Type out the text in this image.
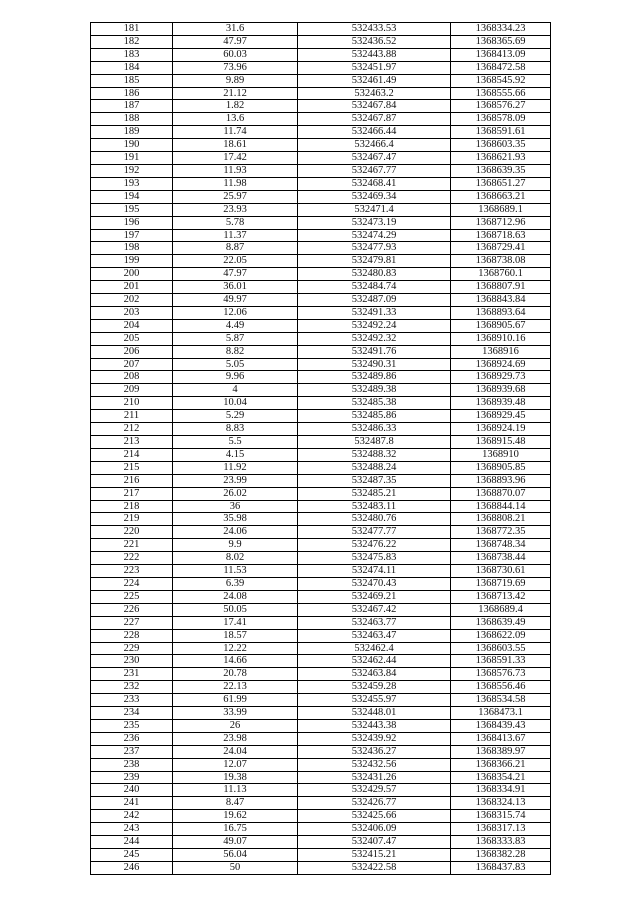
181	31.6	532433.53	1368334.23
182	47.97	532436.52	1368365.69
183	60.03	532443.88	1368413.09
184	73.96	532451.97	1368472.58
185	9.89	532461.49	1368545.92
186	21.12	532463.2	1368555.66
187	1.82	532467.84	1368576.27
188	13.6	532467.87	1368578.09
189	11.74	532466.44	1368591.61
190	18.61	532466.4	1368603.35
191	17.42	532467.47	1368621.93
192	11.93	532467.77	1368639.35
193	11.98	532468.41	1368651.27
194	25.97	532469.34	1368663.21
195	23.93	532471.4	1368689.1
196	5.78	532473.19	1368712.96
197	11.37	532474.29	1368718.63
198	8.87	532477.93	1368729.41
199	22.05	532479.81	1368738.08
200	47.97	532480.83	1368760.1
201	36.01	532484.74	1368807.91
202	49.97	532487.09	1368843.84
203	12.06	532491.33	1368893.64
204	4.49	532492.24	1368905.67
205	5.87	532492.32	1368910.16
206	8.82	532491.76	1368916
207	5.05	532490.31	1368924.69
208	9.96	532489.86	1368929.73
209	4	532489.38	1368939.68
210	10.04	532485.38	1368939.48
211	5.29	532485.86	1368929.45
212	8.83	532486.33	1368924.19
213	5.5	532487.8	1368915.48
214	4.15	532488.32	1368910
215	11.92	532488.24	1368905.85
216	23.99	532487.35	1368893.96
217	26.02	532485.21	1368870.07
218	36	532483.11	1368844.14
219	35.98	532480.76	1368808.21
220	24.06	532477.77	1368772.35
221	9.9	532476.22	1368748.34
222	8.02	532475.83	1368738.44
223	11.53	532474.11	1368730.61
224	6.39	532470.43	1368719.69
225	24.08	532469.21	1368713.42
226	50.05	532467.42	1368689.4
227	17.41	532463.77	1368639.49
228	18.57	532463.47	1368622.09
229	12.22	532462.4	1368603.55
230	14.66	532462.44	1368591.33
231	20.78	532463.84	1368576.73
232	22.13	532459.28	1368556.46
233	61.99	532455.97	1368534.58
234	33.99	532448.01	1368473.1
235	26	532443.38	1368439.43
236	23.98	532439.92	1368413.67
237	24.04	532436.27	1368389.97
238	12.07	532432.56	1368366.21
239	19.38	532431.26	1368354.21
240	11.13	532429.57	1368334.91
241	8.47	532426.77	1368324.13
242	19.62	532425.66	1368315.74
243	16.75	532406.09	1368317.13
244	49.07	532407.47	1368333.83
245	56.04	532415.21	1368382.28
246	50	532422.58	1368437.83
